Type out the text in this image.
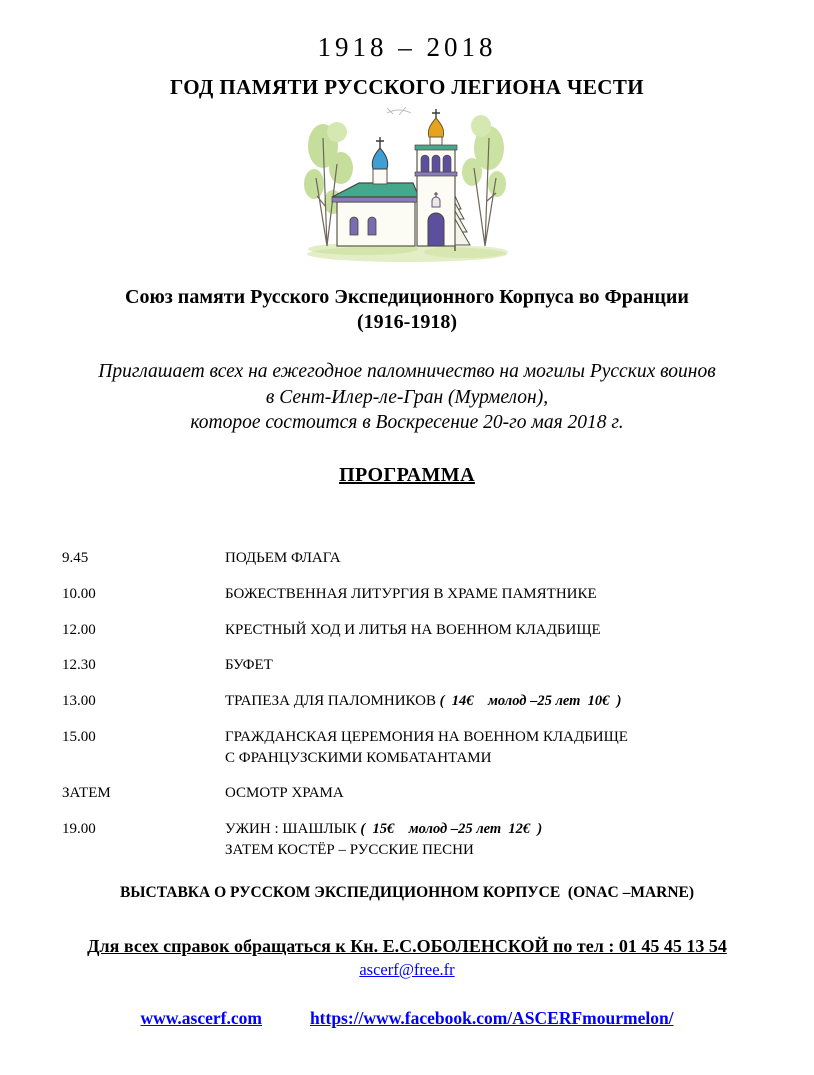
1918 – 2018
ГОД ПАМЯТИ РУССКОГО ЛЕГИОНА ЧЕСТИ
Союз памяти Русского Экспедиционного Корпуса во Франции
(1916-1918)
Приглашает всех на ежегодное паломничество на могилы Русских воинов
в Сент-Илер-ле-Гран (Мурмелон),
которое состоится в Воскресение 20-го мая 2018 г.
ПРОГРАММА
9.45	ПОДЬЕМ ФЛАГА
10.00	БОЖЕСТВЕННАЯ ЛИТУРГИЯ В ХРАМЕ ПАМЯТНИКЕ
12.00	КРЕСТНЫЙ ХОД И ЛИТЬЯ НА ВОЕННОМ КЛАДБИЩЕ
12.30	БУФЕТ
13.00	ТРАПЕЗА ДЛЯ ПАЛОМНИКОВ (  14€    молод –25 лет  10€  )
15.00	ГРАЖДАНСКАЯ ЦЕРЕМОНИЯ НА ВОЕННОМ КЛАДБИЩЕ
С ФРАНЦУЗСКИМИ КОМБАТАНТАМИ
ЗАТЕМ	ОСМОТР ХРАМА
19.00	УЖИН : ШАШЛЫК (  15€    молод –25 лет  12€  )
ЗАТЕМ КОСТЁР – РУССКИЕ ПЕСНИ
ВЫСТАВКА О РУССКОМ ЭКСПЕДИЦИОННОМ КОРПУСЕ  (ONAC –MARNE)
Для всех справок обращаться к Кн. Е.С.ОБОЛЕНСКОЙ по тел : 01 45 45 13 54
ascerf@free.fr
www.ascerf.com	https://www.facebook.com/ASCERFmourmelon/
